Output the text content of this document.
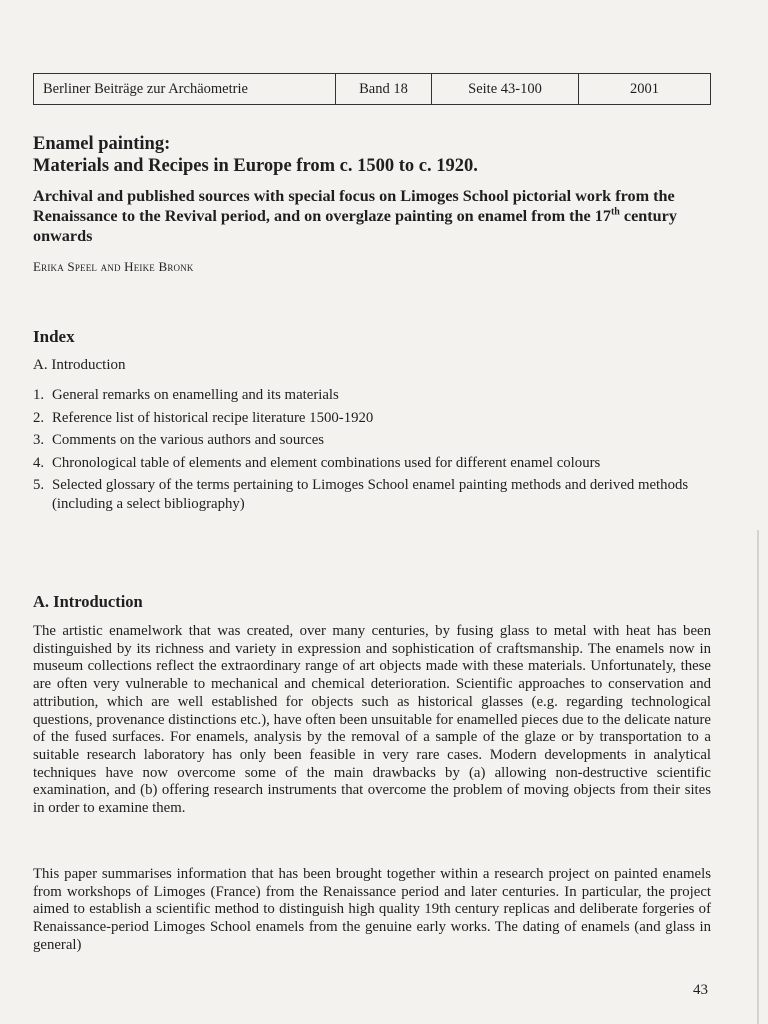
Berliner Beiträge zur Archäometrie	Band 18	Seite 43-100	2001
Enamel painting:
Materials and Recipes in Europe from c. 1500 to c. 1920.
Archival and published sources with special focus on Limoges School pictorial work from the Renaissance to the Revival period, and on overglaze painting on enamel from the 17th century onwards
Erika Speel and Heike Bronk
Index
A. Introduction
1. General remarks on enamelling and its materials
2. Reference list of historical recipe literature 1500-1920
3. Comments on the various authors and sources
4. Chronological table of elements and element combinations used for different enamel colours
5. Selected glossary of the terms pertaining to Limoges School enamel painting methods and derived methods (including a select bibliography)
A. Introduction

The artistic enamelwork that was created, over many centuries, by fusing glass to metal with heat has been distinguished by its richness and variety in expression and sophistication of craftsmanship. The enamels now in museum collections reflect the extraordinary range of art objects made with these materials. Unfortunately, these are often very vulnerable to mechanical and chemical deterioration. Scientific approaches to conservation and attribution, which are well established for objects such as historical glasses (e.g. regarding technological questions, provenance distinctions etc.), have often been unsuitable for enamelled pieces due to the delicate nature of the fused surfaces. For enamels, analysis by the removal of a sample of the glaze or by transportation to a suitable research laboratory has only been feasible in very rare cases. Modern developments in analytical techniques have now overcome some of the main drawbacks by (a) allowing non-destructive scientific examination, and (b) offering research instruments that overcome the problem of moving objects from their sites in order to examine them.

This paper summarises information that has been brought together within a research project on painted enamels from workshops of Limoges (France) from the Renaissance period and later centuries. In particular, the project aimed to establish a scientific method to distinguish high quality 19th century replicas and deliberate forgeries of Renaissance-period Limoges School enamels from the genuine early works. The dating of enamels (and glass in general)

43
